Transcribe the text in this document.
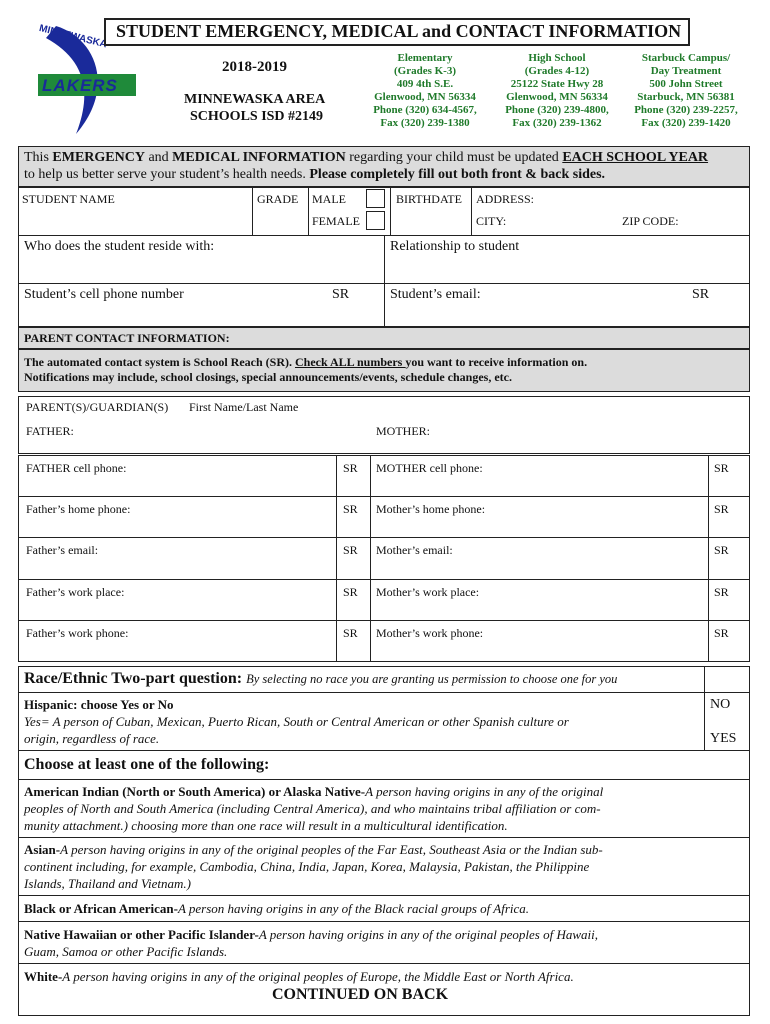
MINNEWASKA
LAKERS
STUDENT EMERGENCY, MEDICAL and CONTACT INFORMATION
2018-2019
MINNEWASKA AREA
SCHOOLS ISD #2149
Elementary
(Grades K-3)
409 4th S.E.
Glenwood, MN 56334
Phone (320) 634-4567,
Fax (320) 239-1380
High School
(Grades 4-12)
25122 State Hwy 28
Glenwood, MN 56334
Phone (320) 239-4800,
Fax (320) 239-1362
Starbuck Campus/
Day Treatment
500 John Street
Starbuck, MN 56381
Phone (320) 239-2257,
Fax (320) 239-1420
This EMERGENCY and MEDICAL INFORMATION regarding your child must be updated EACH SCHOOL YEAR
to help us better serve your student’s health needs. Please completely fill out both front & back sides.
STUDENT NAME	GRADE MALE
FEMALE
BIRTHDATE ADDRESS:
CITY:	ZIP CODE:
Who does the student reside with:	Relationship to student
Student’s cell phone number	SR	Student’s email:	SR
PARENT CONTACT INFORMATION:
The automated contact system is School Reach (SR). Check ALL numbers you want to receive information on.
Notifications may include, school closings, special announcements/events, schedule changes, etc.
PARENT(S)/GUARDIAN(S) First Name/Last Name
FATHER:	MOTHER:
FATHER cell phone:	SR MOTHER cell phone:	SR
Father’s home phone:	SR Mother’s home phone:	SR
Father’s email:	SR Mother’s email:	SR
Father’s work place:	SR Mother’s work place:	SR
Father’s work phone:	SR Mother’s work phone:	SR
Race/Ethnic Two-part question: By selecting no race you are granting us permission to choose one for you
Hispanic: choose Yes or No
Yes= A person of Cuban, Mexican, Puerto Rican, South or Central American or other Spanish culture or
origin, regardless of race.
NO
YES
Choose at least one of the following:
American Indian (North or South America) or Alaska Native-A person having origins in any of the original
peoples of North and South America (including Central America), and who maintains tribal affiliation or com-
munity attachment.) choosing more than one race will result in a multicultural identification.
Asian-A person having origins in any of the original peoples of the Far East, Southeast Asia or the Indian sub-
continent including, for example, Cambodia, China, India, Japan, Korea, Malaysia, Pakistan, the Philippine
Islands, Thailand and Vietnam.)
Black or African American-A person having origins in any of the Black racial groups of Africa.
Native Hawaiian or other Pacific Islander-A person having origins in any of the original peoples of Hawaii,
Guam, Samoa or other Pacific Islands.
White-A person having origins in any of the original peoples of Europe, the Middle East or North Africa.
CONTINUED ON BACK
